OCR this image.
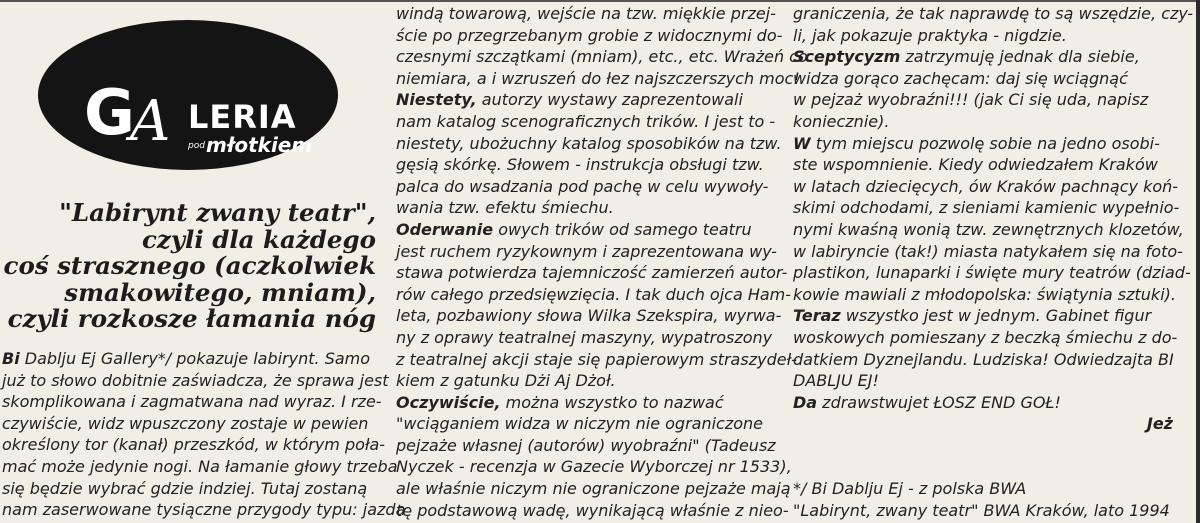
G
A LERIA
pod młotkiem
"Labirynt zwany teatr",
czyli dla każdego
coś strasznego (aczkolwiek
smakowitego, mniam),
czyli rozkosze łamania nóg
Bi Dablju Ej Gallery*/ pokazuje labirynt. Samo
już to słowo dobitnie zaświadcza, że sprawa jest
skomplikowana i zagmatwana nad wyraz. I rze-
czywiście, widz wpuszczony zostaje w pewien
określony tor (kanał) przeszkód, w którym poła-
mać może jedynie nogi. Na łamanie głowy trzeba
się będzie wybrać gdzie indziej. Tutaj zostaną
nam zaserwowane tysiączne przygody typu: jazda
windą towarową, wejście na tzw. miękkie przej-
ście po przegrzebanym grobie z widocznymi do-
czesnymi szczątkami (mniam), etc., etc. Wrażeń co
niemiara, a i wzruszeń do łez najszczerszych moc!
Niestety, autorzy wystawy zaprezentowali
nam katalog scenograficznych trików. I jest to -
niestety, ubożuchny katalog sposobików na tzw.
gęsią skórkę. Słowem - instrukcja obsługi tzw.
palca do wsadzania pod pachę w celu wywoły-
wania tzw. efektu śmiechu.
Oderwanie owych trików od samego teatru
jest ruchem ryzykownym i zaprezentowana wy-
stawa potwierdza tajemniczość zamierzeń autor-
rów całego przedsięwzięcia. I tak duch ojca Ham-
leta, pozbawiony słowa Wilka Szekspira, wyrwa-
ny z oprawy teatralnej maszyny, wypatroszony
z teatralnej akcji staje się papierowym straszydeł-
kiem z gatunku Dżi Aj Dżoł.
Oczywiście, można wszystko to nazwać
"wciąganiem widza w niczym nie ograniczone
pejzaże własnej (autorów) wyobraźni" (Tadeusz
Nyczek - recenzja w Gazecie Wyborczej nr 1533),
ale właśnie niczym nie ograniczone pejzaże mają
tę podstawową wadę, wynikającą właśnie z nieo-
graniczenia, że tak naprawdę to są wszędzie, czy-
li, jak pokazuje praktyka - nigdzie.
Sceptycyzm zatrzymuję jednak dla siebie,
widza gorąco zachęcam: daj się wciągnąć
w pejzaż wyobraźni!!! (jak Ci się uda, napisz
koniecznie).
W tym miejscu pozwolę sobie na jedno osobi-
ste wspomnienie. Kiedy odwiedzałem Kraków
w latach dziecięcych, ów Kraków pachnący koń-
skimi odchodami, z sieniami kamienic wypełnio-
nymi kwaśną wonią tzw. zewnętrznych klozetów,
w labiryncie (tak!) miasta natykałem się na foto-
plastikon, lunaparki i święte mury teatrów (dziad-
kowie mawiali z młodopolska: świątynia sztuki).
Teraz wszystko jest w jednym. Gabinet figur
woskowych pomieszany z beczką śmiechu z do-
datkiem Dyznejlandu. Ludziska! Odwiedzajta BI
DABLJU EJ!
Da zdrawstwujet ŁOSZ END GOŁ!
Jeż
*/ Bi Dablju Ej - z polska BWA
"Labirynt, zwany teatr" BWA Kraków, lato 1994
